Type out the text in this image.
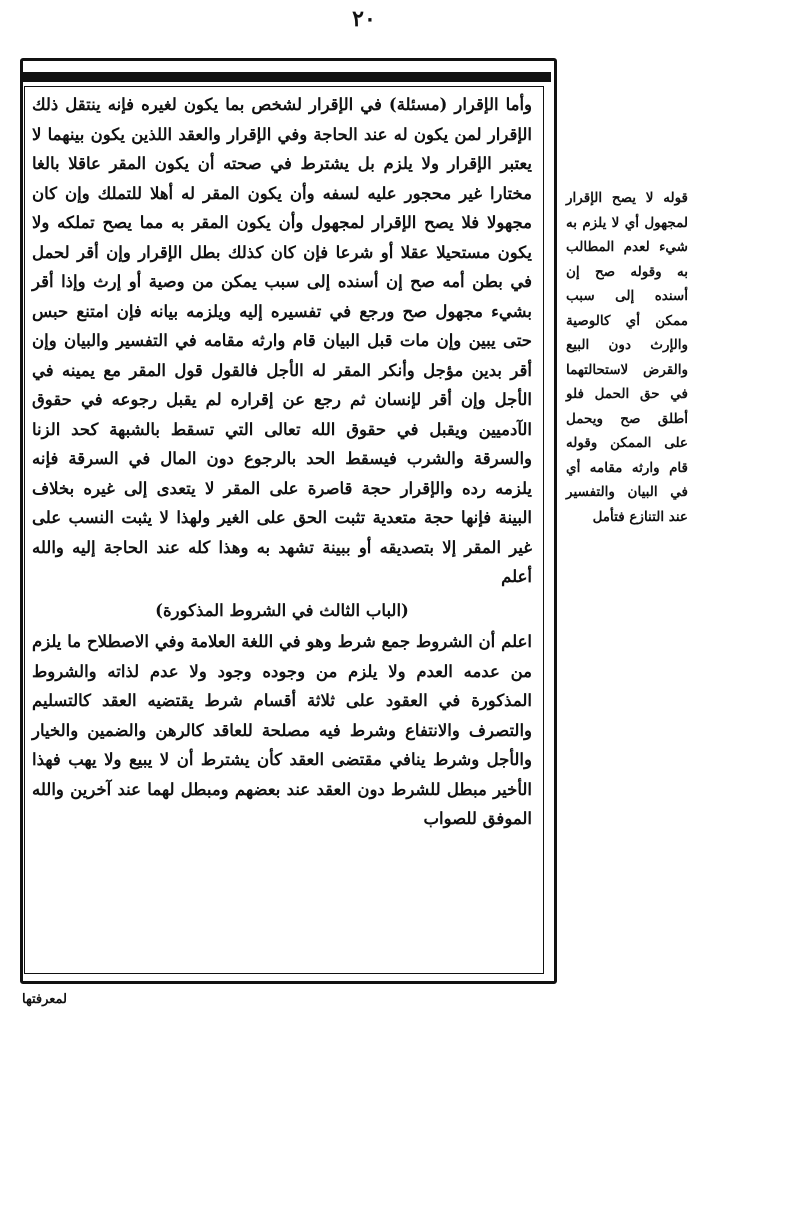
٢٠

وأما الإقرار (مسئلة) في الإقرار لشخص بما يكون لغيره فإنه ينتقل ذلك الإقرار لمن يكون له عند الحاجة وفي الإقرار والعقد اللذين يكون بينهما لا يعتبر الإقرار ولا يلزم بل يشترط في صحته أن يكون المقر عاقلا بالغا مختارا غير محجور عليه لسفه وأن يكون المقر له أهلا للتملك وإن كان مجهولا فلا يصح الإقرار لمجهول وأن يكون المقر به مما يصح تملكه ولا يكون مستحيلا عقلا أو شرعا فإن كان كذلك بطل الإقرار وإن أقر لحمل في بطن أمه صح إن أسنده إلى سبب يمكن من وصية أو إرث وإذا أقر بشيء مجهول صح ورجع في تفسيره إليه ويلزمه بيانه فإن امتنع حبس حتى يبين وإن مات قبل البيان قام وارثه مقامه في التفسير والبيان وإن أقر بدين مؤجل وأنكر المقر له الأجل فالقول قول المقر مع يمينه في الأجل وإن أقر لإنسان ثم رجع عن إقراره لم يقبل رجوعه في حقوق الآدميين ويقبل في حقوق الله تعالى التي تسقط بالشبهة كحد الزنا والسرقة والشرب فيسقط الحد بالرجوع دون المال في السرقة فإنه يلزمه رده والإقرار حجة قاصرة على المقر لا يتعدى إلى غيره بخلاف البينة فإنها حجة متعدية تثبت الحق على الغير ولهذا لا يثبت النسب على غير المقر إلا بتصديقه أو ببينة تشهد به وهذا كله عند الحاجة إليه والله أعلم

(الباب الثالث في الشروط المذكورة)

اعلم أن الشروط جمع شرط وهو في اللغة العلامة وفي الاصطلاح ما يلزم من عدمه العدم ولا يلزم من وجوده وجود ولا عدم لذاته والشروط المذكورة في العقود على ثلاثة أقسام شرط يقتضيه العقد كالتسليم والتصرف والانتفاع وشرط فيه مصلحة للعاقد كالرهن والضمين والخيار والأجل وشرط ينافي مقتضى العقد كأن يشترط أن لا يبيع ولا يهب فهذا الأخير مبطل للشرط دون العقد عند بعضهم ومبطل لهما عند آخرين والله الموفق للصواب

قوله لا يصح الإقرار لمجهول أي لا يلزم به شيء لعدم المطالب به وقوله صح إن أسنده إلى سبب ممكن أي كالوصية والإرث دون البيع والقرض لاستحالتهما في حق الحمل فلو أطلق صح ويحمل على الممكن وقوله قام وارثه مقامه أي في البيان والتفسير عند التنازع فتأمل
لمعرفتها
